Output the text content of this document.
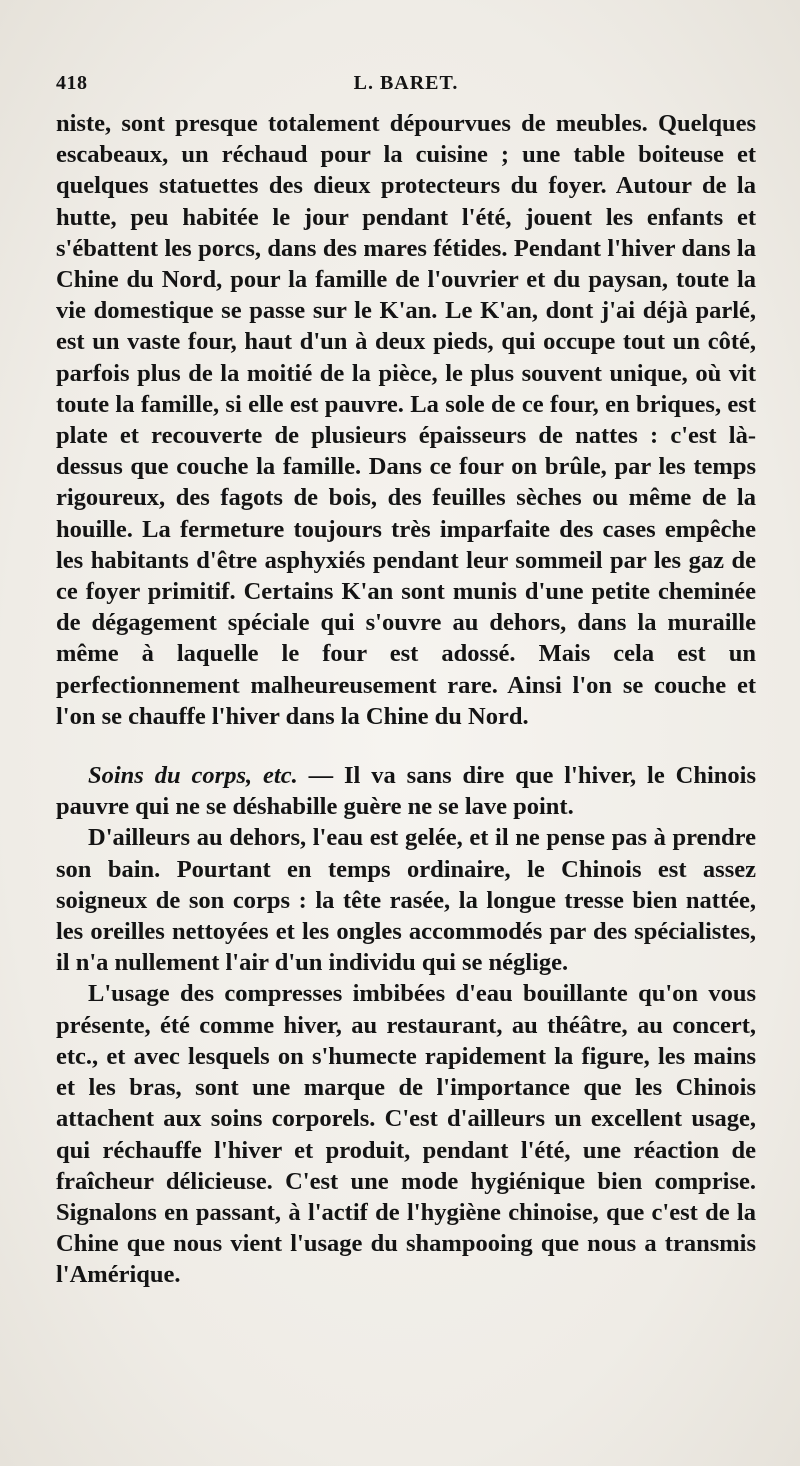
418	L. BARET.

niste, sont presque totalement dépourvues de meubles. Quelques escabeaux, un réchaud pour la cuisine ; une table boiteuse et quelques statuettes des dieux protecteurs du foyer. Autour de la hutte, peu habitée le jour pendant l'été, jouent les enfants et s'ébattent les porcs, dans des mares fétides. Pendant l'hiver dans la Chine du Nord, pour la famille de l'ouvrier et du paysan, toute la vie domestique se passe sur le K'an. Le K'an, dont j'ai déjà parlé, est un vaste four, haut d'un à deux pieds, qui occupe tout un côté, parfois plus de la moitié de la pièce, le plus souvent unique, où vit toute la famille, si elle est pauvre. La sole de ce four, en briques, est plate et recouverte de plusieurs épaisseurs de nattes : c'est là-dessus que couche la famille. Dans ce four on brûle, par les temps rigoureux, des fagots de bois, des feuilles sèches ou même de la houille. La fermeture toujours très imparfaite des cases empêche les habitants d'être asphyxiés pendant leur sommeil par les gaz de ce foyer primitif. Certains K'an sont munis d'une petite cheminée de dégagement spéciale qui s'ouvre au dehors, dans la muraille même à laquelle le four est adossé. Mais cela est un perfectionnement malheureusement rare. Ainsi l'on se couche et l'on se chauffe l'hiver dans la Chine du Nord.

Soins du corps, etc. — Il va sans dire que l'hiver, le Chinois pauvre qui ne se déshabille guère ne se lave point.

D'ailleurs au dehors, l'eau est gelée, et il ne pense pas à prendre son bain. Pourtant en temps ordinaire, le Chinois est assez soigneux de son corps : la tête rasée, la longue tresse bien nattée, les oreilles nettoyées et les ongles accommodés par des spécialistes, il n'a nullement l'air d'un individu qui se néglige.

L'usage des compresses imbibées d'eau bouillante qu'on vous présente, été comme hiver, au restaurant, au théâtre, au concert, etc., et avec lesquels on s'humecte rapidement la figure, les mains et les bras, sont une marque de l'importance que les Chinois attachent aux soins corporels. C'est d'ailleurs un excellent usage, qui réchauffe l'hiver et produit, pendant l'été, une réaction de fraîcheur délicieuse. C'est une mode hygiénique bien comprise. Signalons en passant, à l'actif de l'hygiène chinoise, que c'est de la Chine que nous vient l'usage du shampooing que nous a transmis l'Amérique.
